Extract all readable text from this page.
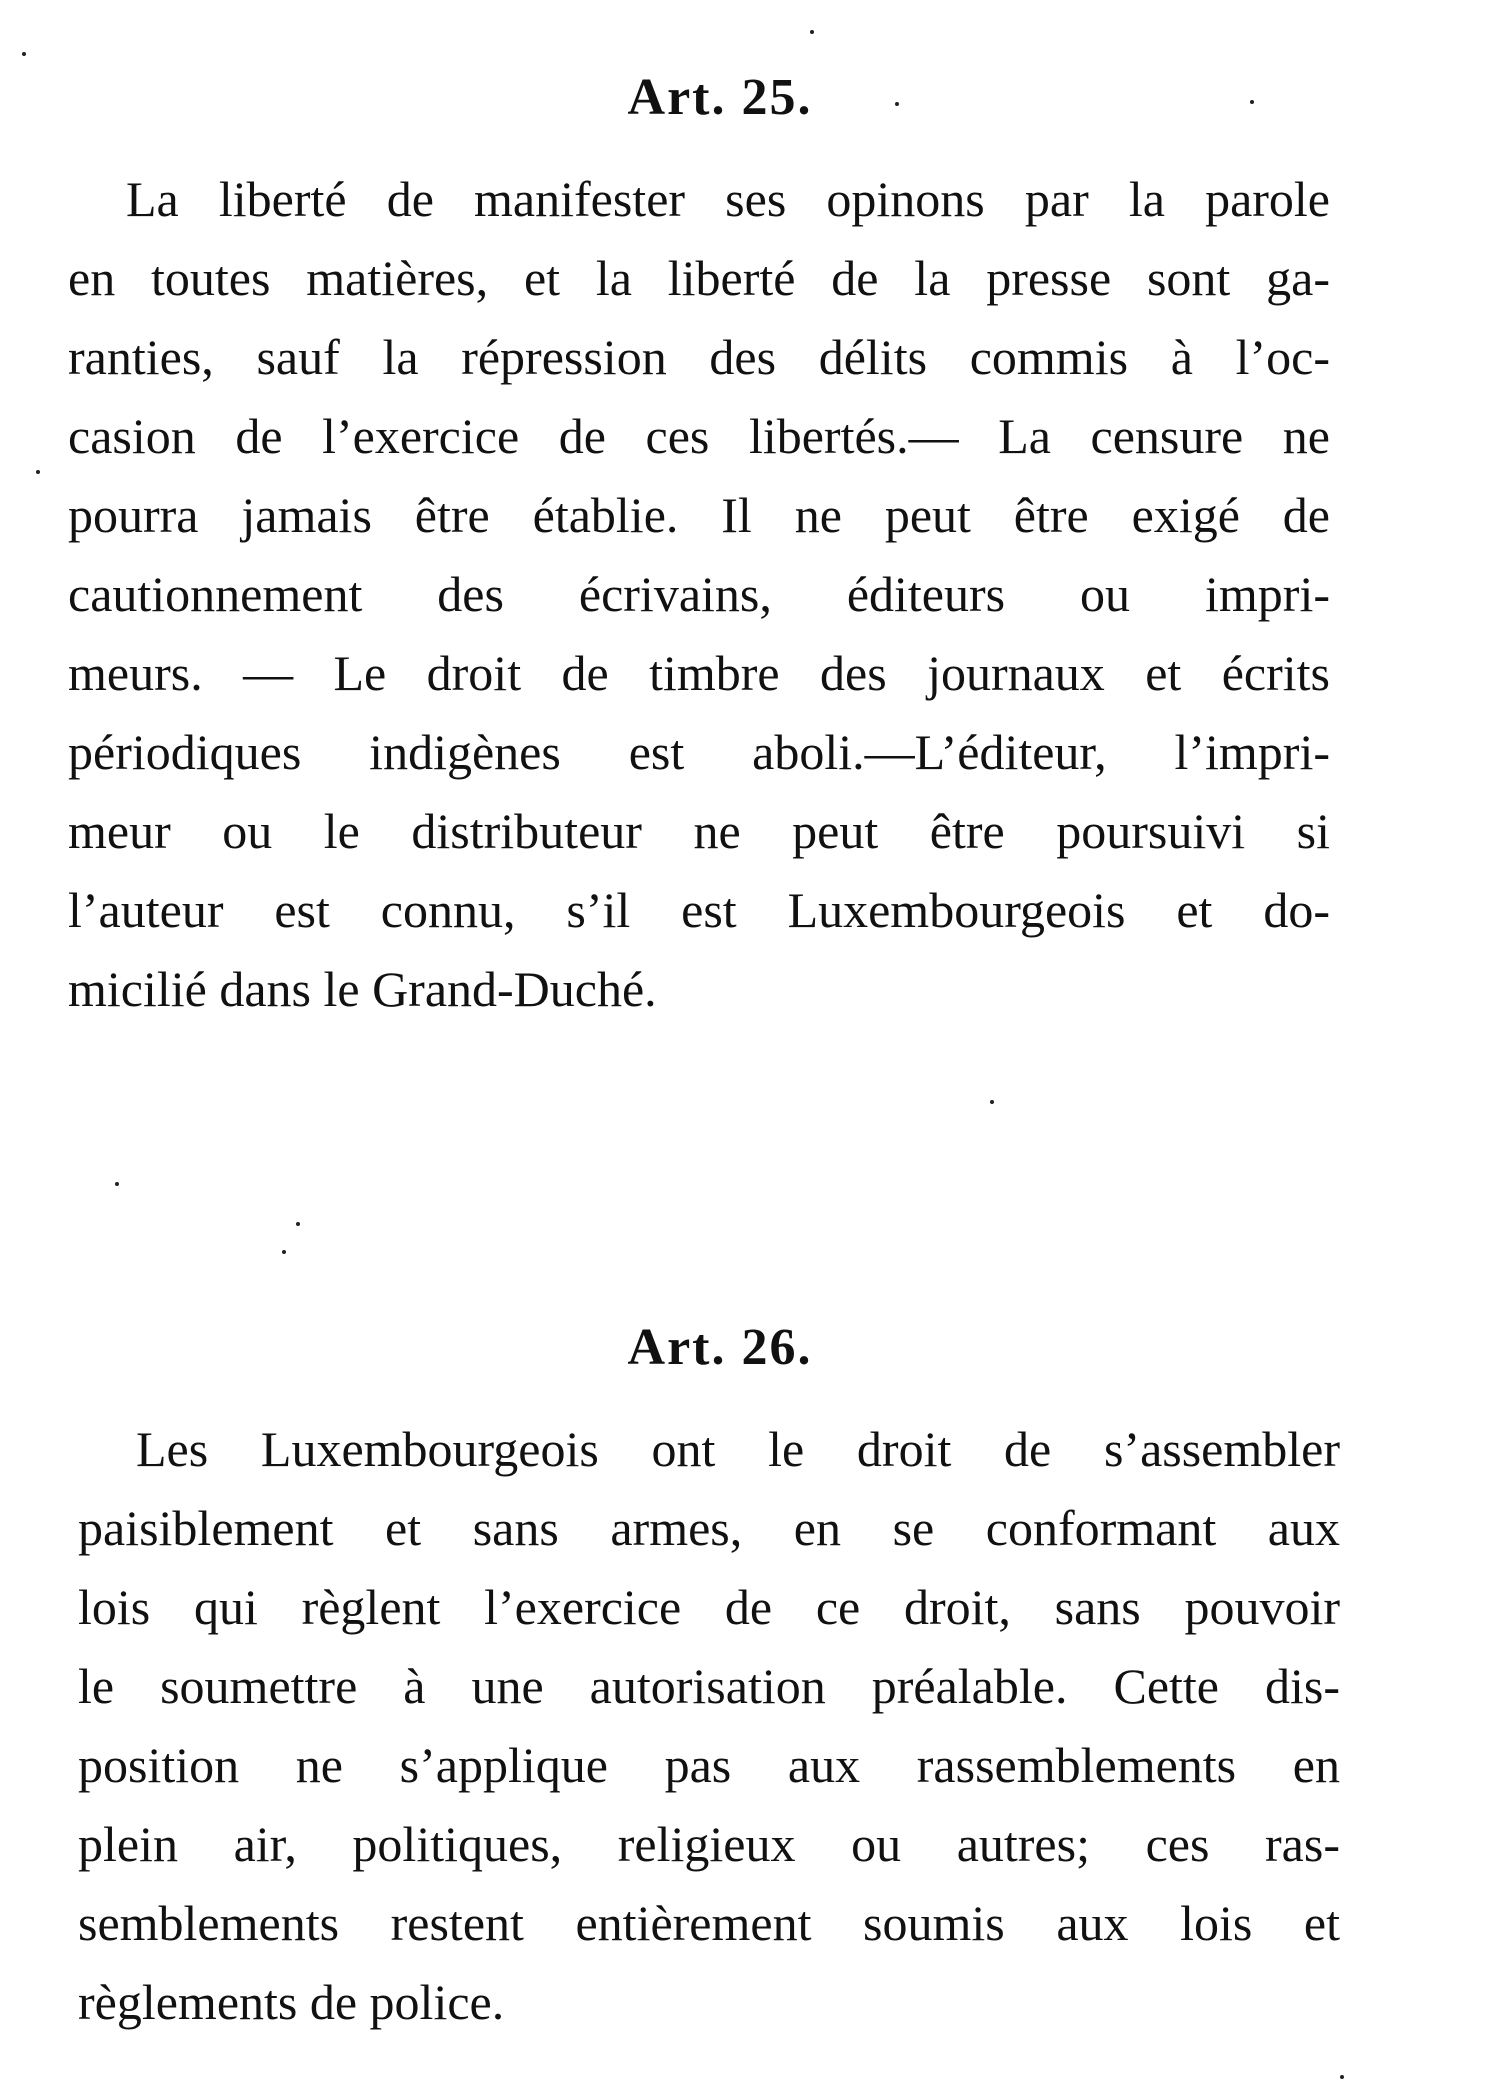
Art. 25.
La liberté de manifester ses opinons par la parole
en toutes matières, et la liberté de la presse sont ga-
ranties, sauf la répression des délits commis à l’oc-
casion de l’exercice de ces libertés.— La censure ne
pourra jamais être établie. Il ne peut être exigé de
cautionnement des écrivains, éditeurs ou impri-
meurs. — Le droit de timbre des journaux et écrits
périodiques indigènes est aboli.—L’éditeur, l’impri-
meur ou le distributeur ne peut être poursuivi si
l’auteur est connu, s’il est Luxembourgeois et do-
micilié dans le Grand-Duché.
Art. 26.
Les Luxembourgeois ont le droit de s’assembler
paisiblement et sans armes, en se conformant aux
lois qui règlent l’exercice de ce droit, sans pouvoir
le soumettre à une autorisation préalable. Cette dis-
position ne s’applique pas aux rassemblements en
plein air, politiques, religieux ou autres; ces ras-
semblements restent entièrement soumis aux lois et
règlements de police.
